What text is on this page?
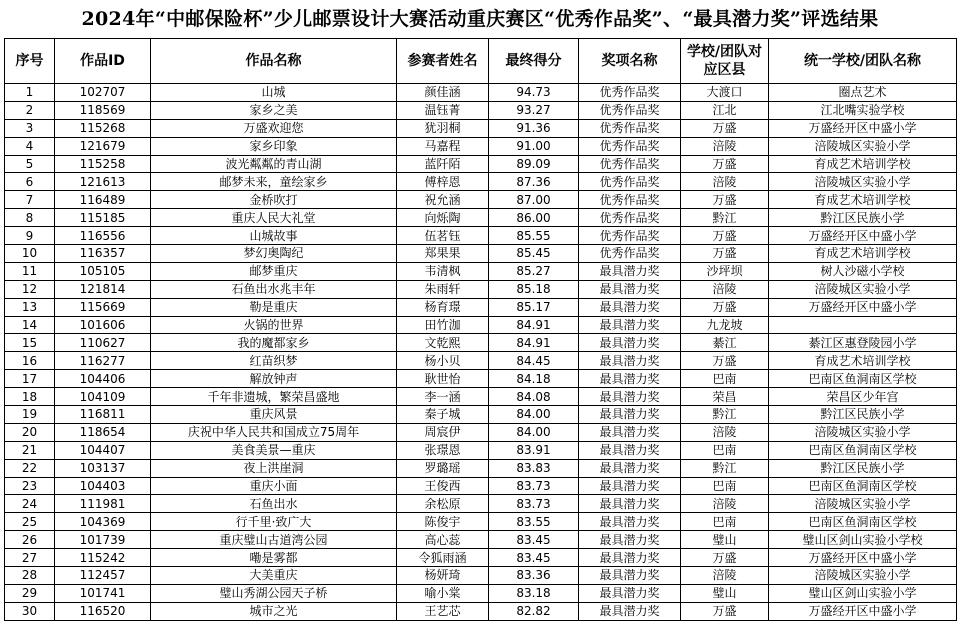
2024年“中邮保险杯”少儿邮票设计大赛活动重庆赛区“优秀作品奖”、“最具潜力奖”评选结果
序号	作品ID	作品名称	参赛者姓名	最终得分	奖项名称	学校/团队对应区县	统一学校/团队名称
1	102707	山城	颜佳涵	94.73	优秀作品奖	大渡口	圈点艺术
2	118569	家乡之美	温钰菁	93.27	优秀作品奖	江北	江北嘴实验学校
3	115268	万盛欢迎您	犹羽桐	91.36	优秀作品奖	万盛	万盛经开区中盛小学
4	121679	家乡印象	马嘉程	91.00	优秀作品奖	涪陵	涪陵城区实验小学
5	115258	波光粼粼的青山湖	蓝阡陌	89.09	优秀作品奖	万盛	育成艺术培训学校
6	121613	邮梦未来，童绘家乡	傅梓恩	87.36	优秀作品奖	涪陵	涪陵城区实验小学
7	116489	金桥吹打	祝允涵	87.00	优秀作品奖	万盛	育成艺术培训学校
8	115185	重庆人民大礼堂	向烁陶	86.00	优秀作品奖	黔江	黔江区民族小学
9	116556	山城故事	伍茗钰	85.55	优秀作品奖	万盛	万盛经开区中盛小学
10	116357	梦幻奥陶纪	郑果果	85.45	优秀作品奖	万盛	育成艺术培训学校
11	105105	邮梦重庆	韦清枫	85.27	最具潜力奖	沙坪坝	树人沙磁小学校
12	121814	石鱼出水兆丰年	朱雨轩	85.18	最具潜力奖	涪陵	涪陵城区实验小学
13	115669	勒是重庆	杨育璟	85.17	最具潜力奖	万盛	万盛经开区中盛小学
14	101606	火锅的世界	田竹泇	84.91	最具潜力奖	九龙坡	
15	110627	我的魔都家乡	文乾熙	84.91	最具潜力奖	綦江	綦江区惠登陵园小学
16	116277	红苗织梦	杨小贝	84.45	最具潜力奖	万盛	育成艺术培训学校
17	104406	解放钟声	耿世怡	84.18	最具潜力奖	巴南	巴南区鱼洞南区学校
18	104109	千年非遗城，繁荣昌盛地	李一涵	84.08	最具潜力奖	荣昌	荣昌区少年宫
19	116811	重庆风景	秦子城	84.00	最具潜力奖	黔江	黔江区民族小学
20	118654	庆祝中华人民共和国成立75周年	周宸伊	84.00	最具潜力奖	涪陵	涪陵城区实验小学
21	104407	美食美景—重庆	张璟恩	83.91	最具潜力奖	巴南	巴南区鱼洞南区学校
22	103137	夜上洪崖洞	罗璐瑶	83.83	最具潜力奖	黔江	黔江区民族小学
23	104403	重庆小面	王俊西	83.73	最具潜力奖	巴南	巴南区鱼洞南区学校
24	111981	石鱼出水	余松原	83.73	最具潜力奖	涪陵	涪陵城区实验小学
25	104369	行千里·致广大	陈俊宇	83.55	最具潜力奖	巴南	巴南区鱼洞南区学校
26	101739	重庆璧山古道湾公园	高心蕊	83.45	最具潜力奖	璧山	璧山区剑山实验小学校
27	115242	嘞是雾都	令狐雨涵	83.45	最具潜力奖	万盛	万盛经开区中盛小学
28	112457	大美重庆	杨妍琦	83.36	最具潜力奖	涪陵	涪陵城区实验小学
29	101741	璧山秀湖公园天子桥	喻小棠	83.18	最具潜力奖	璧山	璧山区剑山实验小学
30	116520	城市之光	王艺芯	82.82	最具潜力奖	万盛	万盛经开区中盛小学
